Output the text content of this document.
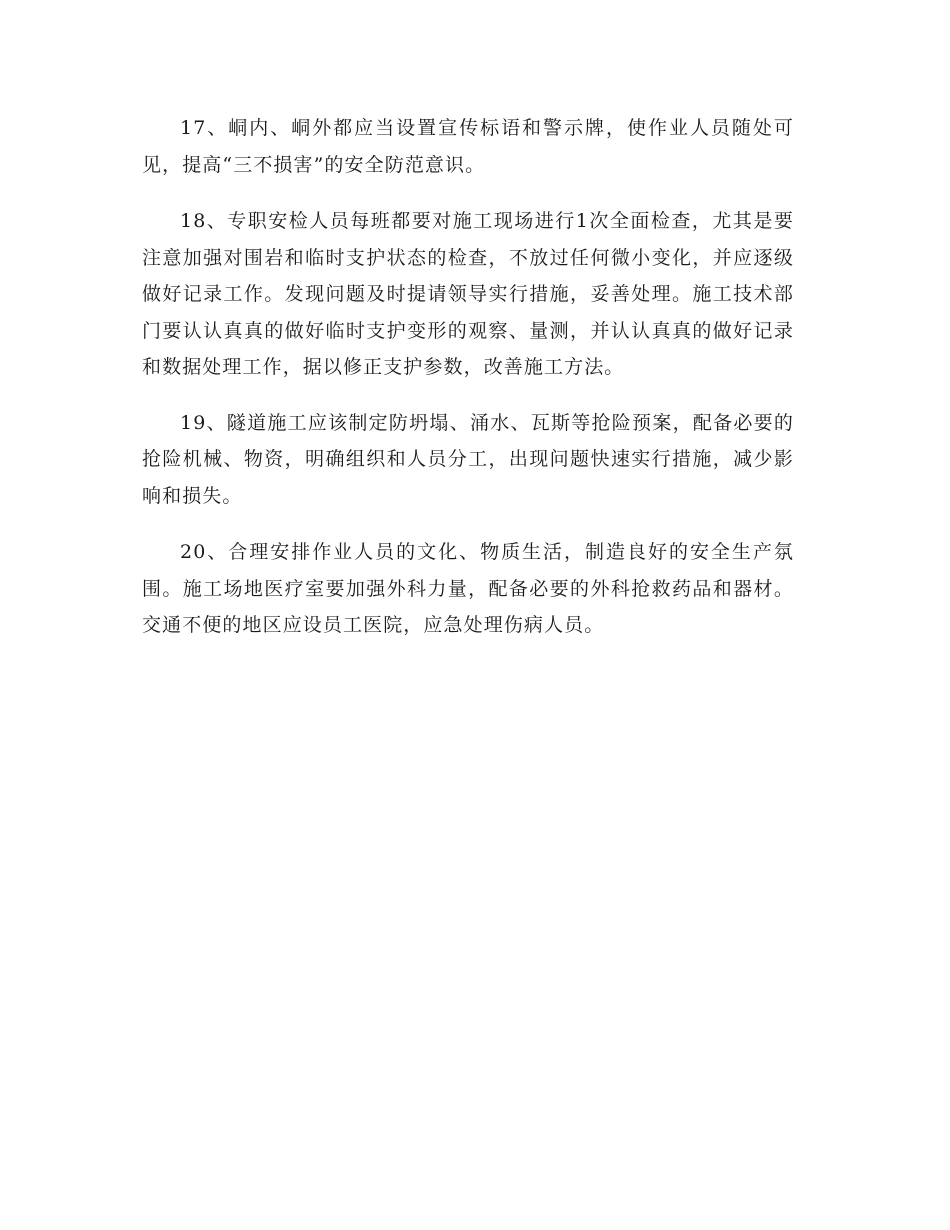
17、峒内、峒外都应当设置宣传标语和警示牌，使作业人员随处可见，提高“三不损害”的安全防范意识。

18、专职安检人员每班都要对施工现场进行1次全面检查，尤其是要注意加强对围岩和临时支护状态的检查，不放过任何微小变化，并应逐级做好记录工作。发现问题及时提请领导实行措施，妥善处理。施工技术部门要认认真真的做好临时支护变形的观察、量测，并认认真真的做好记录和数据处理工作，据以修正支护参数，改善施工方法。

19、隧道施工应该制定防坍塌、涌水、瓦斯等抢险预案，配备必要的抢险机械、物资，明确组织和人员分工，出现问题快速实行措施，减少影响和损失。

20、合理安排作业人员的文化、物质生活，制造良好的安全生产氛围。施工场地医疗室要加强外科力量，配备必要的外科抢救药品和器材。交通不便的地区应设员工医院，应急处理伤病人员。
